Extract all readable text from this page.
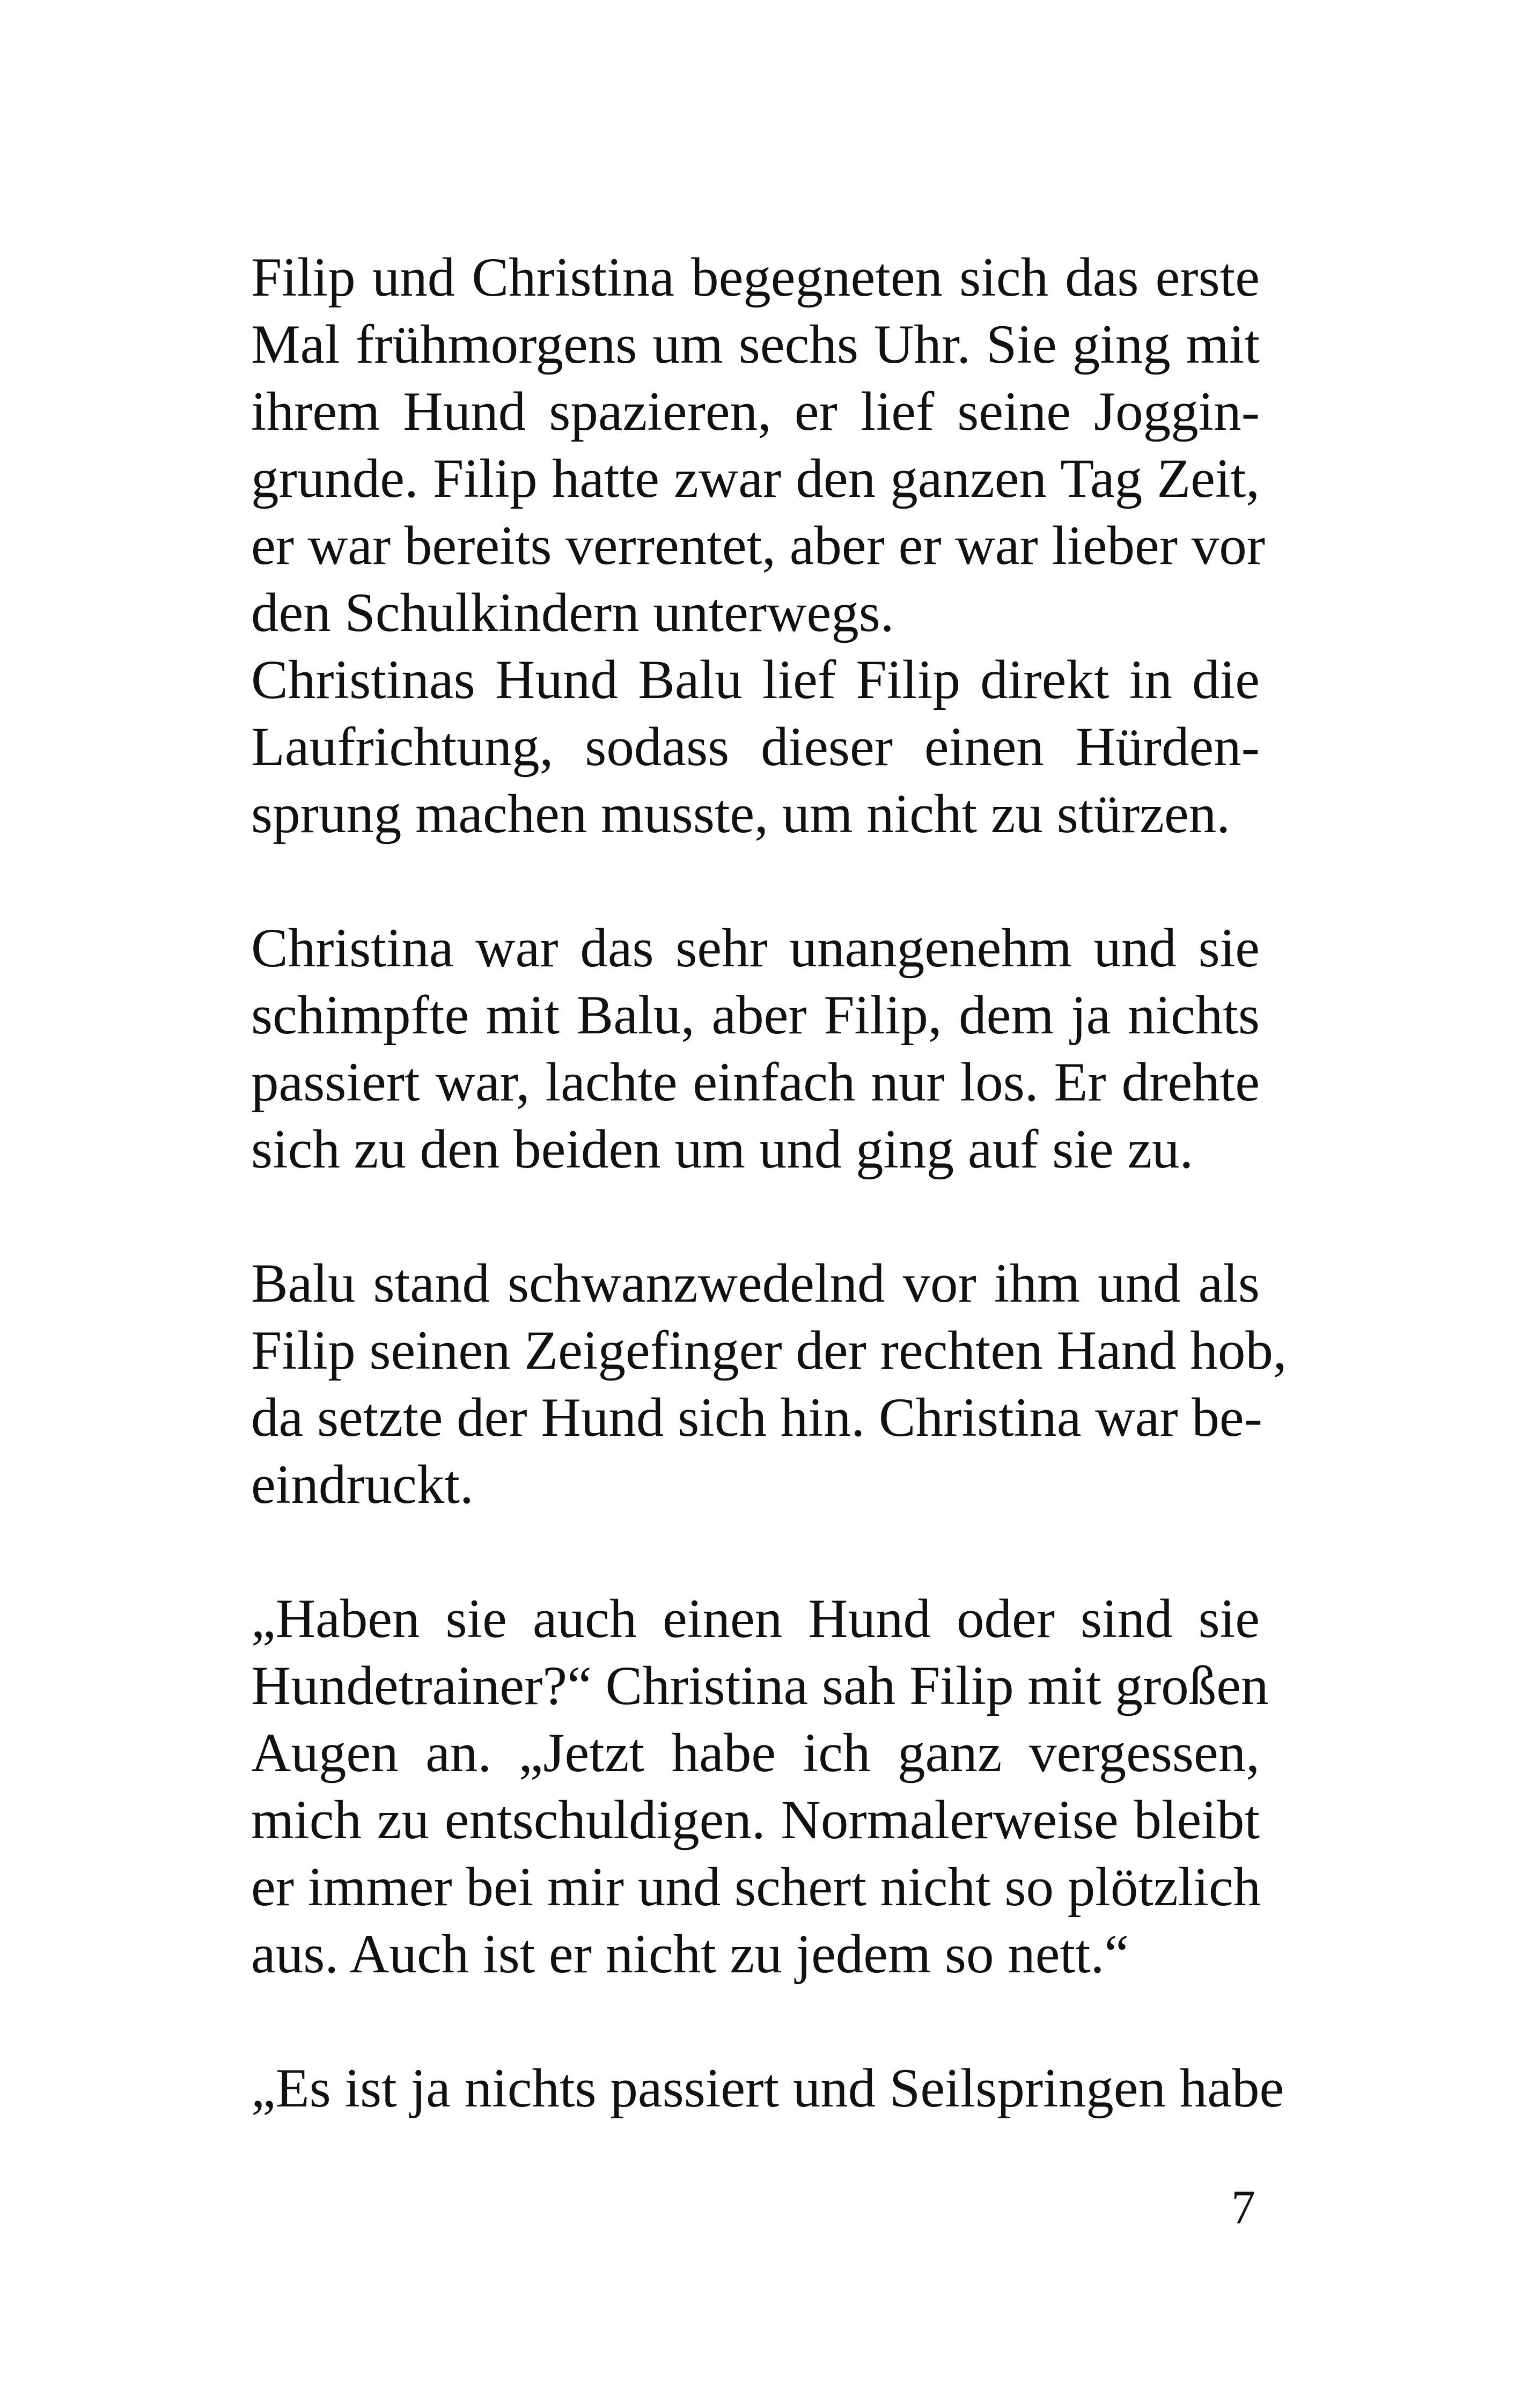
Filip und Christina begegneten sich das erste
Mal frühmorgens um sechs Uhr. Sie ging mit
ihrem Hund spazieren, er lief seine Joggin-
grunde. Filip hatte zwar den ganzen Tag Zeit,
er war bereits verrentet, aber er war lieber vor
den Schulkindern unterwegs.
Christinas Hund Balu lief Filip direkt in die
Laufrichtung, sodass dieser einen Hürden-
sprung machen musste, um nicht zu stürzen.
Christina war das sehr unangenehm und sie
schimpfte mit Balu, aber Filip, dem ja nichts
passiert war, lachte einfach nur los. Er drehte
sich zu den beiden um und ging auf sie zu.
Balu stand schwanzwedelnd vor ihm und als
Filip seinen Zeigefinger der rechten Hand hob,
da setzte der Hund sich hin. Christina war be-
eindruckt.
„Haben sie auch einen Hund oder sind sie
Hundetrainer?“ Christina sah Filip mit großen
Augen an. „Jetzt habe ich ganz vergessen,
mich zu entschuldigen. Normalerweise bleibt
er immer bei mir und schert nicht so plötzlich
aus. Auch ist er nicht zu jedem so nett.“
„Es ist ja nichts passiert und Seilspringen habe
7
